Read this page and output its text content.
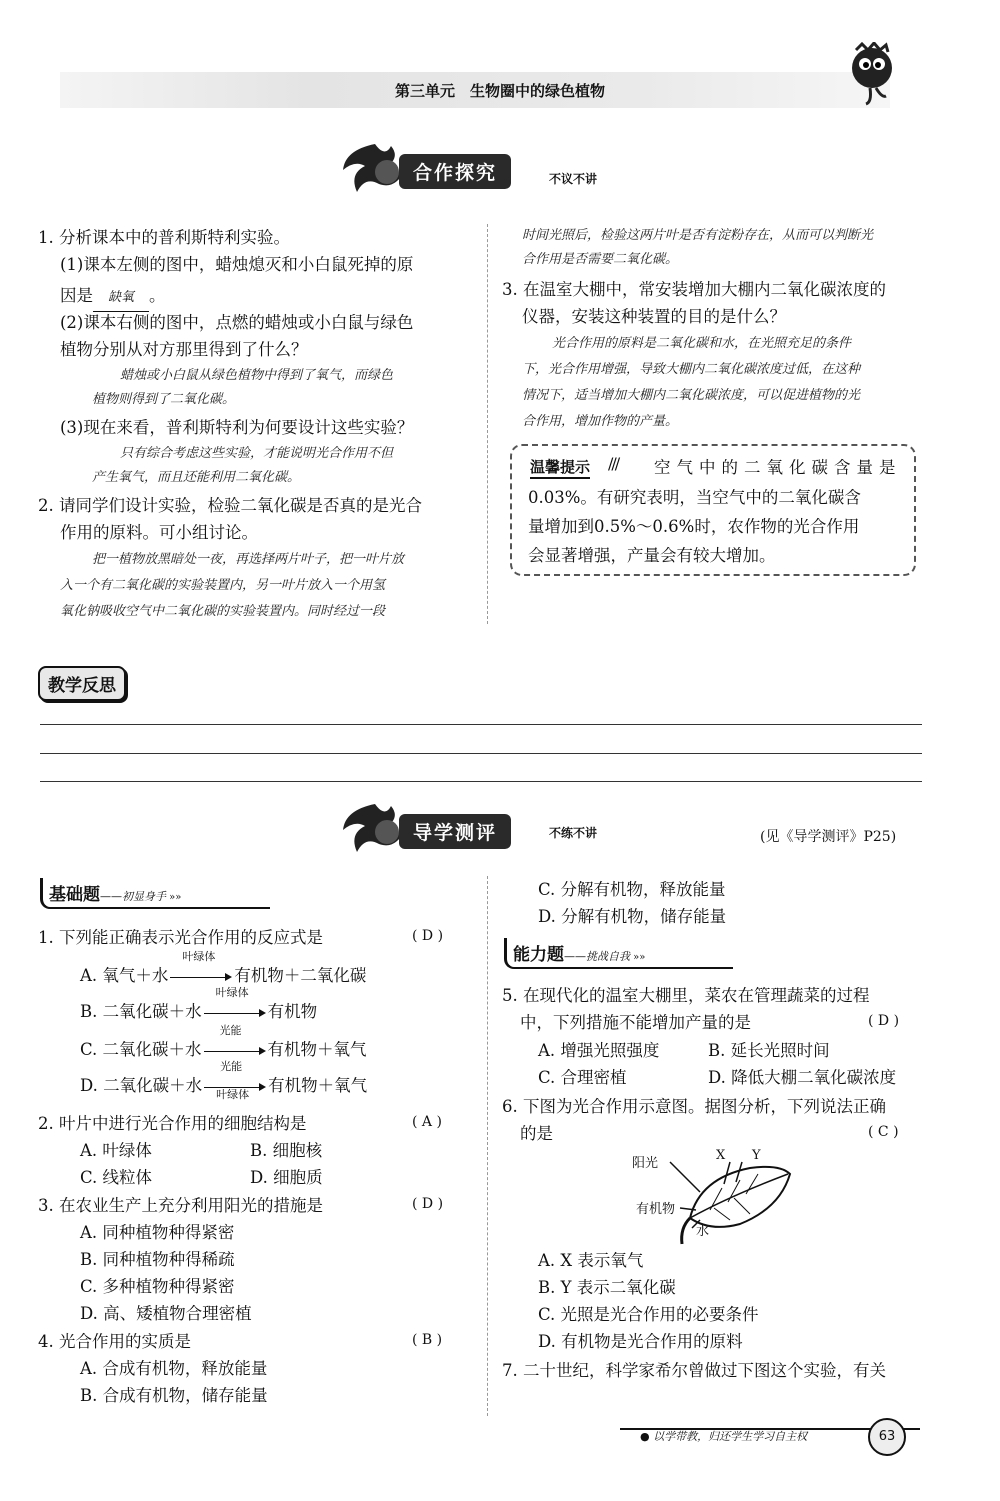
第三单元　生物圈中的绿色植物
合作探究	不议不讲
1. 分析课本中的普利斯特利实验。
(1)课本左侧的图中，蜡烛熄灭和小白鼠死掉的原
因是 缺氧 。
(2)课本右侧的图中，点燃的蜡烛或小白鼠与绿色
植物分别从对方那里得到了什么？
蜡烛或小白鼠从绿色植物中得到了氧气，而绿色
植物则得到了二氧化碳。
(3)现在来看，普利斯特利为何要设计这些实验？
只有综合考虑这些实验，才能说明光合作用不但
产生氧气，而且还能利用二氧化碳。
2. 请同学们设计实验，检验二氧化碳是否真的是光合
作用的原料。可小组讨论。
把一植物放黑暗处一夜，再选择两片叶子，把一叶片放
入一个有二氧化碳的实验装置内，另一叶片放入一个用氢
氧化钠吸收空气中二氧化碳的实验装置内。同时经过一段
时间光照后，检验这两片叶是否有淀粉存在，从而可以判断光
合作用是否需要二氧化碳。
3. 在温室大棚中，常安装增加大棚内二氧化碳浓度的
仪器，安装这种装置的目的是什么？
光合作用的原料是二氧化碳和水，在光照充足的条件
下，光合作用增强，导致大棚内二氧化碳浓度过低，在这种
情况下，适当增加大棚内二氧化碳浓度，可以促进植物的光
合作用，增加作物的产量。
温馨提示 /// 空气中的二氧化碳含量是
0.03%。有研究表明，当空气中的二氧化碳含
量增加到0.5%～0.6%时，农作物的光合作用
会显著增强，产量会有较大增加。
教学反思
导学测评	不练不讲	(见《导学测评》P25)
基础题——初显身手 »»
1. 下列能正确表示光合作用的反应式是	( D )
A. 氧气＋水
叶绿体
有机物＋二氧化碳
B. 二氧化碳＋水
叶绿体
有机物
C. 二氧化碳＋水
光能
有机物＋氧气
D. 二氧化碳＋水
光能
叶绿体 有机物＋氧气
2. 叶片中进行光合作用的细胞结构是	( A )
A. 叶绿体	B. 细胞核
C. 线粒体	D. 细胞质
3. 在农业生产上充分利用阳光的措施是	( D )
A. 同种植物种得紧密
B. 同种植物种得稀疏
C. 多种植物种得紧密
D. 高、矮植物合理密植
4. 光合作用的实质是	( B )
A. 合成有机物，释放能量
B. 合成有机物，储存能量
C. 分解有机物，释放能量
D. 分解有机物，储存能量
能力题——挑战自我 »»
5. 在现代化的温室大棚里，菜农在管理蔬菜的过程
中，下列措施不能增加产量的是	( D )
A. 增强光照强度	B. 延长光照时间
C. 合理密植	D. 降低大棚二氧化碳浓度
6. 下图为光合作用示意图。据图分析，下列说法正确
的是	( C )
阳光
X Y
有机物
水
A. X 表示氧气
B. Y 表示二氧化碳
C. 光照是光合作用的必要条件
D. 有机物是光合作用的原料
7. 二十世纪，科学家希尔曾做过下图这个实验，有关
● 以学带教，归还学生学习自主权	63
